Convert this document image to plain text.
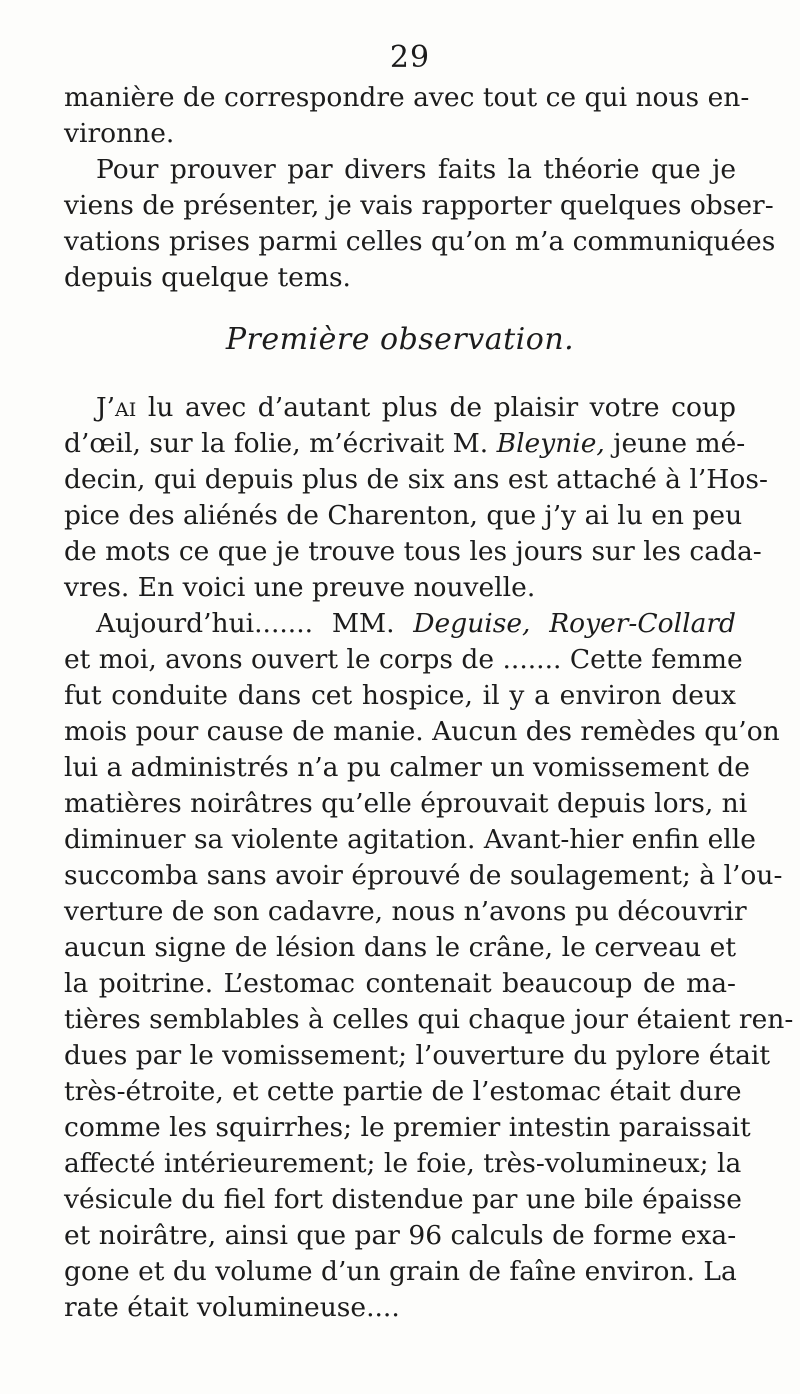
29
manière de correspondre avec tout ce qui nous en-
vironne.
Pour prouver par divers faits la théorie que je
viens de présenter, je vais rapporter quelques obser-
vations prises parmi celles qu’on m’a communiquées
depuis quelque tems.
Première observation.
J’ai lu avec d’autant plus de plaisir votre coup
d’œil, sur la folie, m’écrivait M. Bleynie, jeune mé-
decin, qui depuis plus de six ans est attaché à l’Hos-
pice des aliénés de Charenton, que j’y ai lu en peu
de mots ce que je trouve tous les jours sur les cada-
vres. En voici une preuve nouvelle.
Aujourd’hui....... MM. Deguise, Royer-Collard
et moi, avons ouvert le corps de ....... Cette femme
fut conduite dans cet hospice, il y a environ deux
mois pour cause de manie. Aucun des remèdes qu’on
lui a administrés n’a pu calmer un vomissement de
matières noirâtres qu’elle éprouvait depuis lors, ni
diminuer sa violente agitation. Avant-hier enfin elle
succomba sans avoir éprouvé de soulagement; à l’ou-
verture de son cadavre, nous n’avons pu découvrir
aucun signe de lésion dans le crâne, le cerveau et
la poitrine. L’estomac contenait beaucoup de ma-
tières semblables à celles qui chaque jour étaient ren-
dues par le vomissement; l’ouverture du pylore était
très-étroite, et cette partie de l’estomac était dure
comme les squirrhes; le premier intestin paraissait
affecté intérieurement; le foie, très-volumineux; la
vésicule du fiel fort distendue par une bile épaisse
et noirâtre, ainsi que par 96 calculs de forme exa-
gone et du volume d’un grain de faîne environ. La
rate était volumineuse....
